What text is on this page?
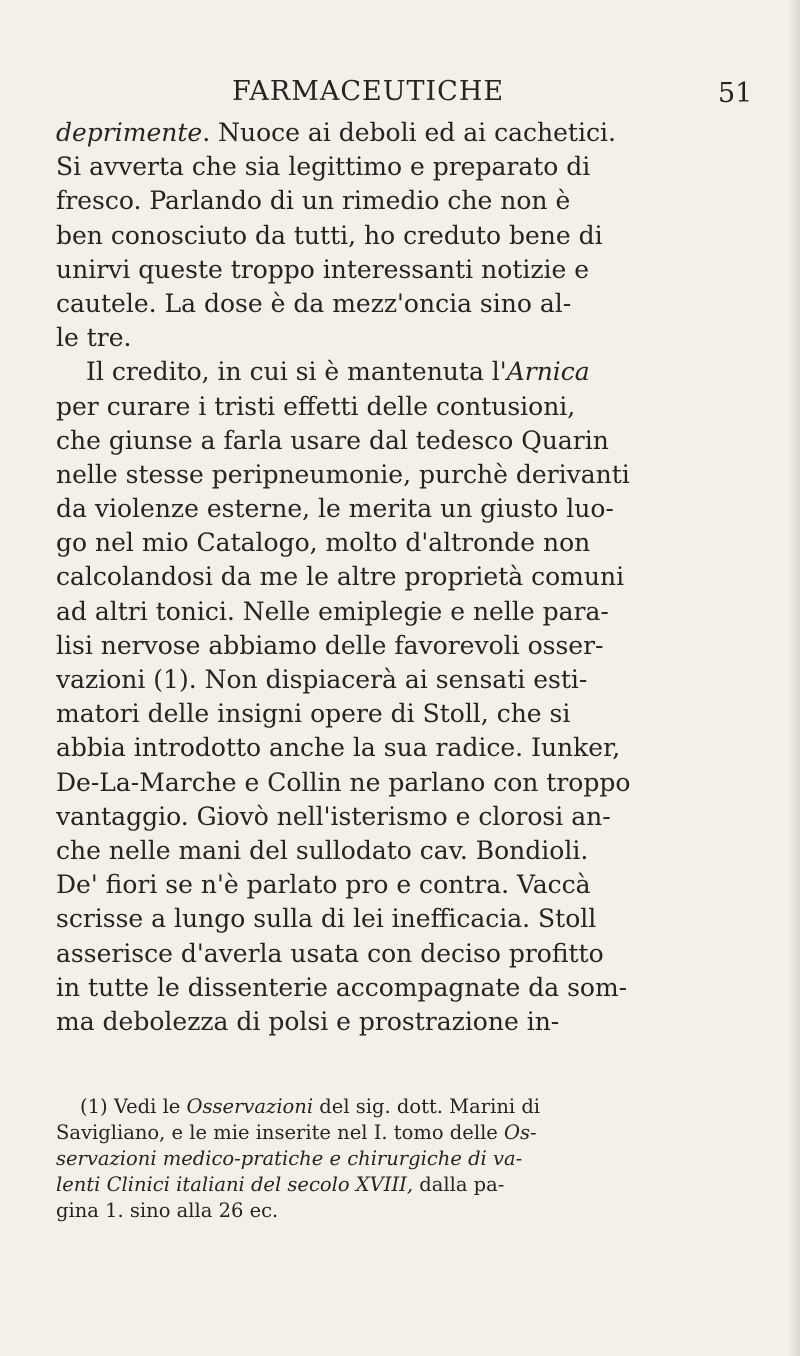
FARMACEUTICHE	51
deprimente. Nuoce ai deboli ed ai cachetici.
Si avverta che sia legittimo e preparato di
fresco. Parlando di un rimedio che non è
ben conosciuto da tutti, ho creduto bene di
unirvi queste troppo interessanti notizie e
cautele. La dose è da mezz'oncia sino al-
le tre.
Il credito, in cui si è mantenuta l'Arnica
per curare i tristi effetti delle contusioni,
che giunse a farla usare dal tedesco Quarin
nelle stesse peripneumonie, purchè derivanti
da violenze esterne, le merita un giusto luo-
go nel mio Catalogo, molto d'altronde non
calcolandosi da me le altre proprietà comuni
ad altri tonici. Nelle emiplegie e nelle para-
lisi nervose abbiamo delle favorevoli osser-
vazioni (1). Non dispiacerà ai sensati esti-
matori delle insigni opere di Stoll, che si
abbia introdotto anche la sua radice. Iunker,
De-La-Marche e Collin ne parlano con troppo
vantaggio. Giovò nell'isterismo e clorosi an-
che nelle mani del sullodato cav. Bondioli.
De' fiori se n'è parlato pro e contra. Vaccà
scrisse a lungo sulla di lei inefficacia. Stoll
asserisce d'averla usata con deciso profitto
in tutte le dissenterie accompagnate da som-
ma debolezza di polsi e prostrazione in-
(1) Vedi le Osservazioni del sig. dott. Marini di
Savigliano, e le mie inserite nel I. tomo delle Os-
servazioni medico-pratiche e chirurgiche di va-
lenti Clinici italiani del secolo XVIII, dalla pa-
gina 1. sino alla 26 ec.
